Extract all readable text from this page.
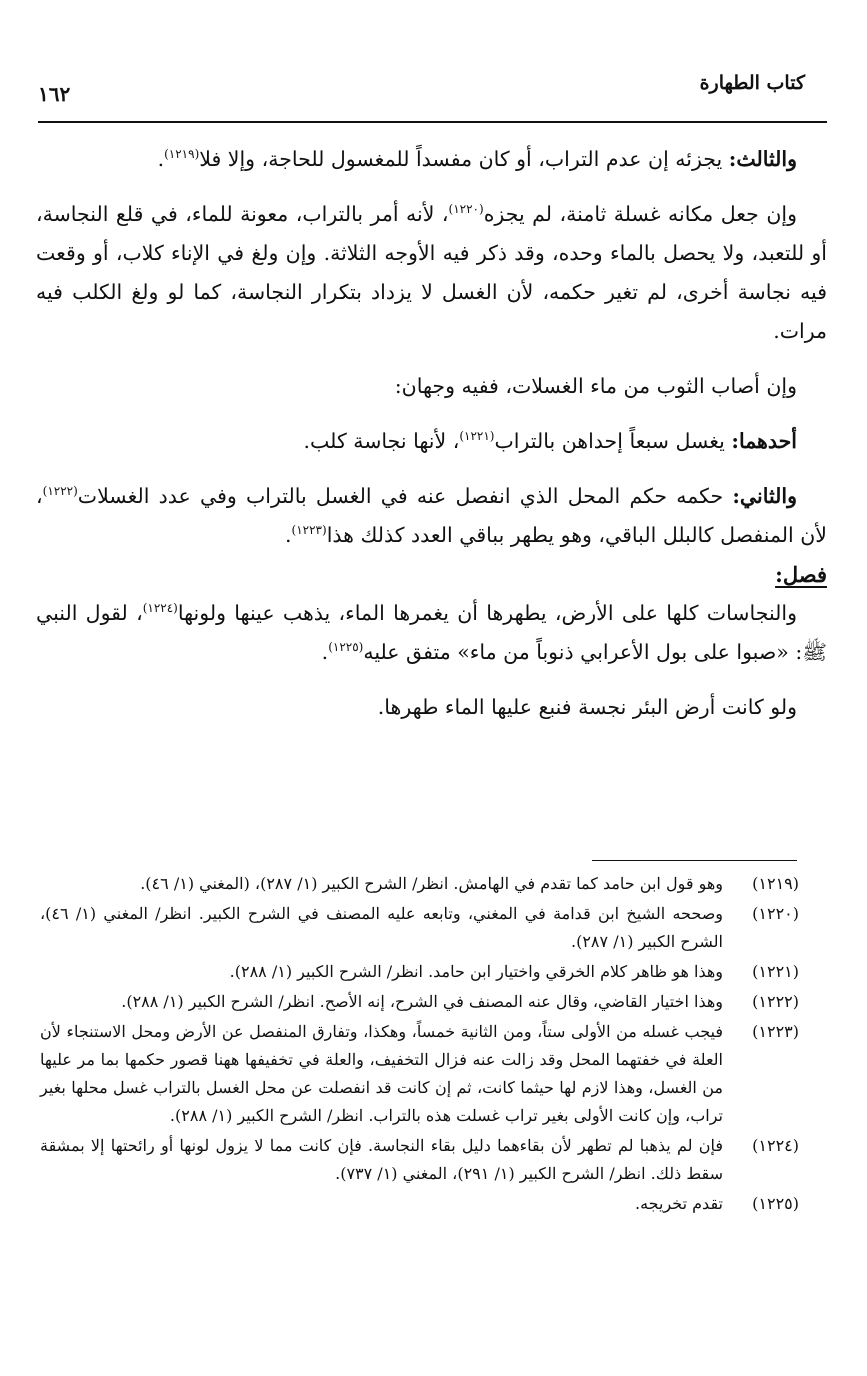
كتاب الطهارة
١٦٢

والثالث: يجزئه إن عدم التراب، أو كان مفسداً للمغسول للحاجة، وإلا فلا$^{(١٢١٩)}$.

وإن جعل مكانه غسلة ثامنة، لم يجزه$^{(١٢٢٠)}$، لأنه أمر بالتراب، معونة للماء، في قلع النجاسة، أو للتعبد، ولا يحصل بالماء وحده، وقد ذكر فيه الأوجه الثلاثة. وإن ولغ في الإناء كلاب، أو وقعت فيه نجاسة أخرى، لم تغير حكمه، لأن الغسل لا يزداد بتكرار النجاسة، كما لو ولغ الكلب فيه مرات.

وإن أصاب الثوب من ماء الغسلات، ففيه وجهان:

أحدهما: يغسل سبعاً إحداهن بالتراب$^{(١٢٢١)}$، لأنها نجاسة كلب.

والثاني: حكمه حكم المحل الذي انفصل عنه في الغسل بالتراب وفي عدد الغسلات$^{(١٢٢٢)}$، لأن المنفصل كالبلل الباقي، وهو يطهر بباقي العدد كذلك هذا$^{(١٢٢٣)}$.

فصل:

والنجاسات كلها على الأرض، يطهرها أن يغمرها الماء، يذهب عينها ولونها$^{(١٢٢٤)}$، لقول النبي ﷺ: «صبوا على بول الأعرابي ذنوباً من ماء» متفق عليه$^{(١٢٢٥)}$.

ولو كانت أرض البئر نجسة فنبع عليها الماء طهرها.

(١٢١٩)
وهو قول ابن حامد كما تقدم في الهامش. انظر/ الشرح الكبير (١/ ٢٨٧)، (المغني (١/ ٤٦).
(١٢٢٠)
وصححه الشيخ ابن قدامة في المغني، وتابعه عليه المصنف في الشرح الكبير. انظر/ المغني (١/ ٤٦)، الشرح الكبير (١/ ٢٨٧).
(١٢٢١)
وهذا هو ظاهر كلام الخرقي واختيار ابن حامد. انظر/ الشرح الكبير (١/ ٢٨٨).
(١٢٢٢)
وهذا اختيار القاضي، وقال عنه المصنف في الشرح، إنه الأصح. انظر/ الشرح الكبير (١/ ٢٨٨).
(١٢٢٣)
فيجب غسله من الأولى ستاً، ومن الثانية خمساً، وهكذا، وتفارق المنفصل عن الأرض ومحل الاستنجاء لأن العلة في خفتهما المحل وقد زالت عنه فزال التخفيف، والعلة في تخفيفها ههنا قصور حكمها بما مر عليها من الغسل، وهذا لازم لها حيثما كانت، ثم إن كانت قد انفصلت عن محل الغسل بالتراب غسل محلها بغير تراب، وإن كانت الأولى بغير تراب غسلت هذه بالتراب. انظر/ الشرح الكبير (١/ ٢٨٨).
(١٢٢٤)
فإن لم يذهبا لم تطهر لأن بقاءهما دليل بقاء النجاسة. فإن كانت مما لا يزول لونها أو رائحتها إلا بمشقة سقط ذلك. انظر/ الشرح الكبير (١/ ٢٩١)، المغني (١/ ٧٣٧).
(١٢٢٥)
تقدم تخريجه.
